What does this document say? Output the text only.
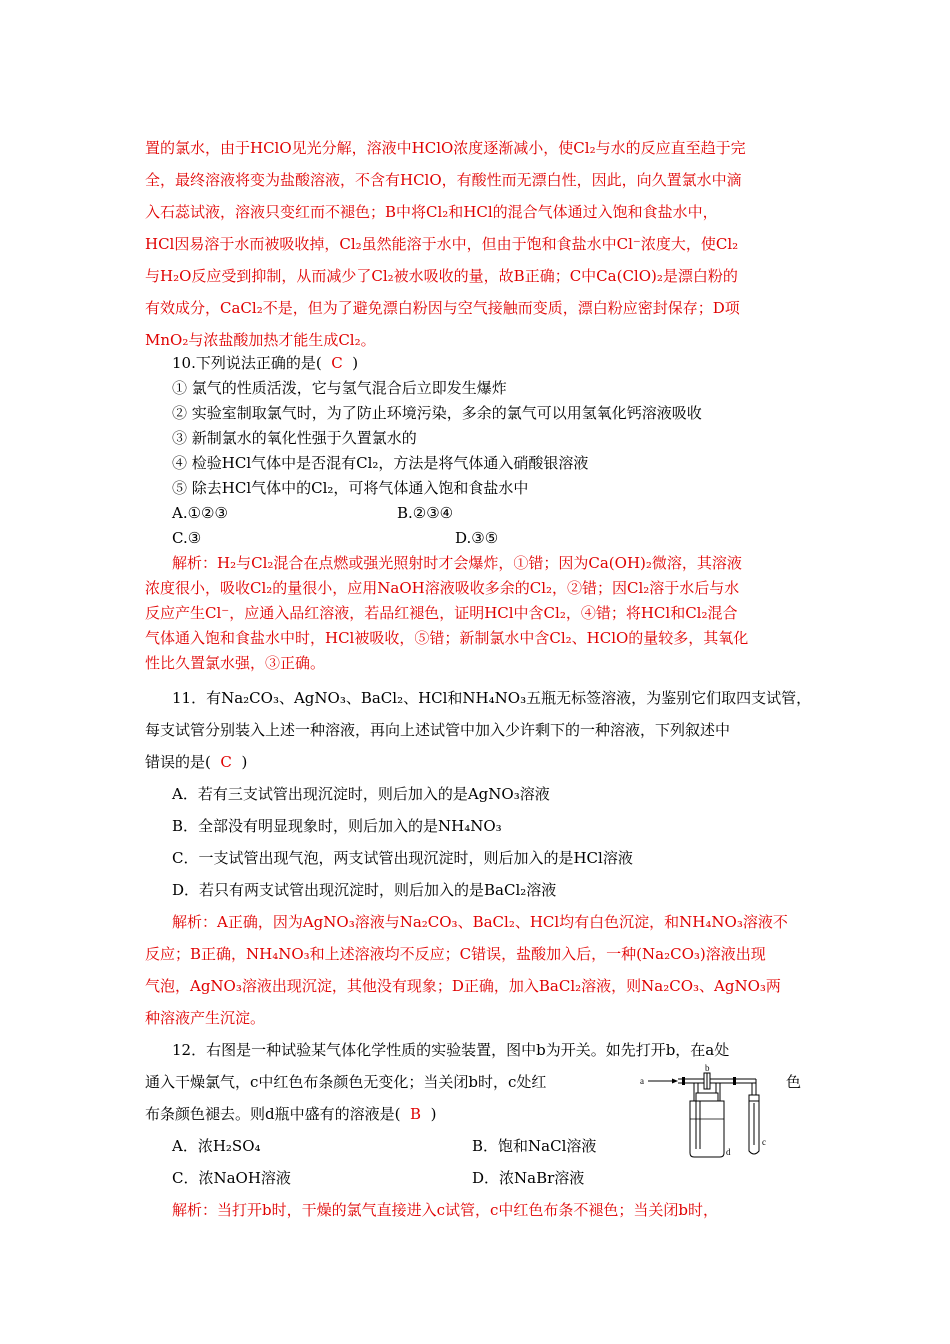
置的氯水，由于HClO见光分解，溶液中HClO浓度逐渐减小，使Cl₂与水的反应直至趋于完
全，最终溶液将变为盐酸溶液，不含有HClO，有酸性而无漂白性，因此，向久置氯水中滴
入石蕊试液，溶液只变红而不褪色；B中将Cl₂和HCl的混合气体通过入饱和食盐水中，
HCl因易溶于水而被吸收掉，Cl₂虽然能溶于水中，但由于饱和食盐水中Cl⁻浓度大，使Cl₂
与H₂O反应受到抑制，从而减少了Cl₂被水吸收的量，故B正确；C中Ca(ClO)₂是漂白粉的
有效成分，CaCl₂不是，但为了避免漂白粉因与空气接触而变质，漂白粉应密封保存；D项
MnO₂与浓盐酸加热才能生成Cl₂。
10.下列说法正确的是( C )
① 氯气的性质活泼，它与氢气混合后立即发生爆炸
② 实验室制取氯气时，为了防止环境污染，多余的氯气可以用氢氧化钙溶液吸收
③ 新制氯水的氧化性强于久置氯水的
④ 检验HCl气体中是否混有Cl₂，方法是将气体通入硝酸银溶液
⑤ 除去HCl气体中的Cl₂，可将气体通入饱和食盐水中
A.①②③	B.②③④
C.③	D.③⑤
解析：H₂与Cl₂混合在点燃或强光照射时才会爆炸，①错；因为Ca(OH)₂微溶，其溶液
浓度很小，吸收Cl₂的量很小，应用NaOH溶液吸收多余的Cl₂，②错；因Cl₂溶于水后与水
反应产生Cl⁻，应通入品红溶液，若品红褪色，证明HCl中含Cl₂，④错；将HCl和Cl₂混合
气体通入饱和食盐水中时，HCl被吸收，⑤错；新制氯水中含Cl₂、HClO的量较多，其氧化
性比久置氯水强，③正确。
11．有Na₂CO₃、AgNO₃、BaCl₂、HCl和NH₄NO₃五瓶无标签溶液，为鉴别它们取四支试管，
每支试管分别装入上述一种溶液，再向上述试管中加入少许剩下的一种溶液，下列叙述中
错误的是( C )
A．若有三支试管出现沉淀时，则后加入的是AgNO₃溶液
B．全部没有明显现象时，则后加入的是NH₄NO₃
C．一支试管出现气泡，两支试管出现沉淀时，则后加入的是HCl溶液
D．若只有两支试管出现沉淀时，则后加入的是BaCl₂溶液
解析：A正确，因为AgNO₃溶液与Na₂CO₃、BaCl₂、HCl均有白色沉淀，和NH₄NO₃溶液不
反应；B正确，NH₄NO₃和上述溶液均不反应；C错误，盐酸加入后，一种(Na₂CO₃)溶液出现
气泡，AgNO₃溶液出现沉淀，其他没有现象；D正确，加入BaCl₂溶液，则Na₂CO₃、AgNO₃两
种溶液产生沉淀。
12．右图是一种试验某气体化学性质的实验装置，图中b为开关。如先打开b，在a处
通入干燥氯气，c中红色布条颜色无变化；当关闭b时，c处红	色
布条颜色褪去。则d瓶中盛有的溶液是( B )
A．浓H₂SO₄	B．饱和NaCl溶液
C．浓NaOH溶液	D．浓NaBr溶液
解析：当打开b时，干燥的氯气直接进入c试管，c中红色布条不褪色；当关闭b时，
a
b
d
c
